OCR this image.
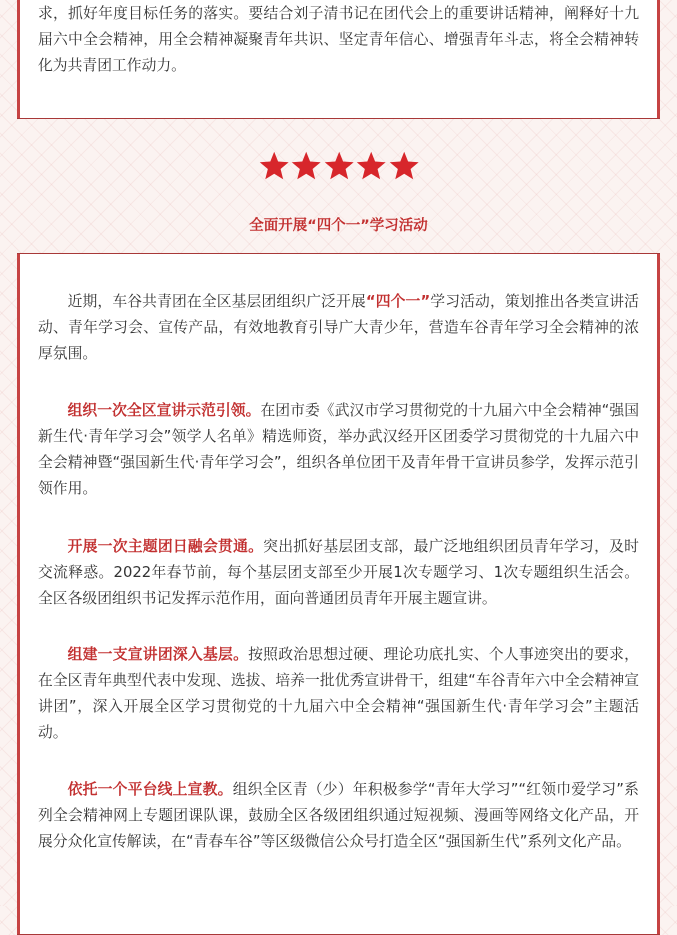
求，抓好年度目标任务的落实。要结合刘子清书记在团代会上的重要讲话精神，阐释好十九届六中全会精神，用全会精神凝聚青年共识、坚定青年信心、增强青年斗志，将全会精神转化为共青团工作动力。

全面开展“四个一”学习活动

近期，车谷共青团在全区基层团组织广泛开展“四个一”学习活动，策划推出各类宣讲活动、青年学习会、宣传产品，有效地教育引导广大青少年，营造车谷青年学习全会精神的浓厚氛围。

组织一次全区宣讲示范引领。在团市委《武汉市学习贯彻党的十九届六中全会精神“强国新生代·青年学习会”领学人名单》精选师资，举办武汉经开区团委学习贯彻党的十九届六中全会精神暨“强国新生代·青年学习会”，组织各单位团干及青年骨干宣讲员参学，发挥示范引领作用。

开展一次主题团日融会贯通。突出抓好基层团支部，最广泛地组织团员青年学习，及时交流释惑。2022年春节前，每个基层团支部至少开展1次专题学习、1次专题组织生活会。全区各级团组织书记发挥示范作用，面向普通团员青年开展主题宣讲。

组建一支宣讲团深入基层。按照政治思想过硬、理论功底扎实、个人事迹突出的要求，在全区青年典型代表中发现、选拔、培养一批优秀宣讲骨干，组建“车谷青年六中全会精神宣讲团”，深入开展全区学习贯彻党的十九届六中全会精神“强国新生代·青年学习会”主题活动。

依托一个平台线上宣教。组织全区青（少）年积极参学“青年大学习”“红领巾爱学习”系列全会精神网上专题团课队课，鼓励全区各级团组织通过短视频、漫画等网络文化产品，开展分众化宣传解读，在“青春车谷”等区级微信公众号打造全区“强国新生代”系列文化产品。
